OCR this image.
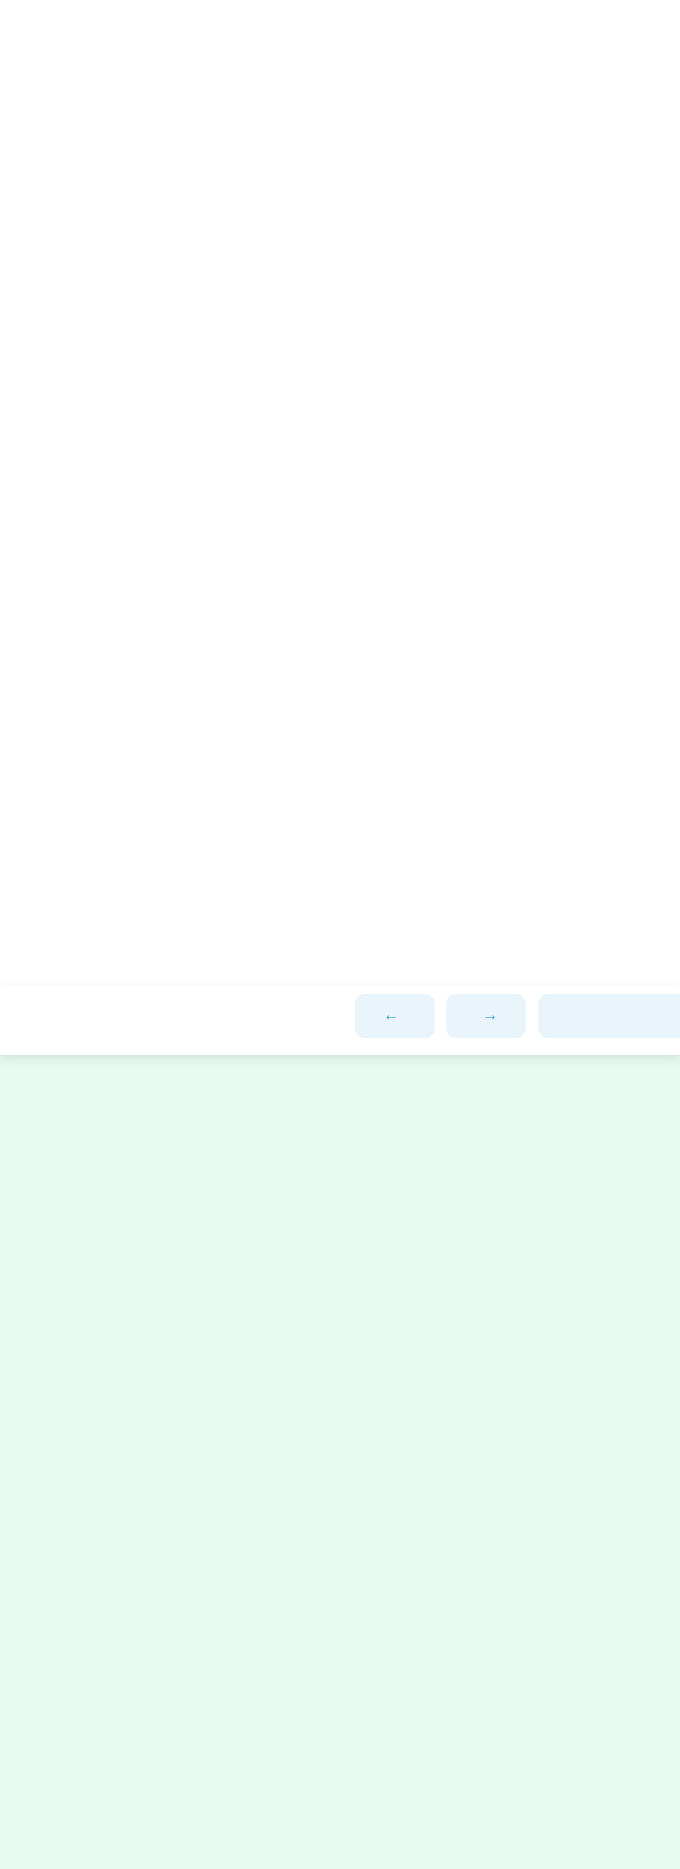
←	→
